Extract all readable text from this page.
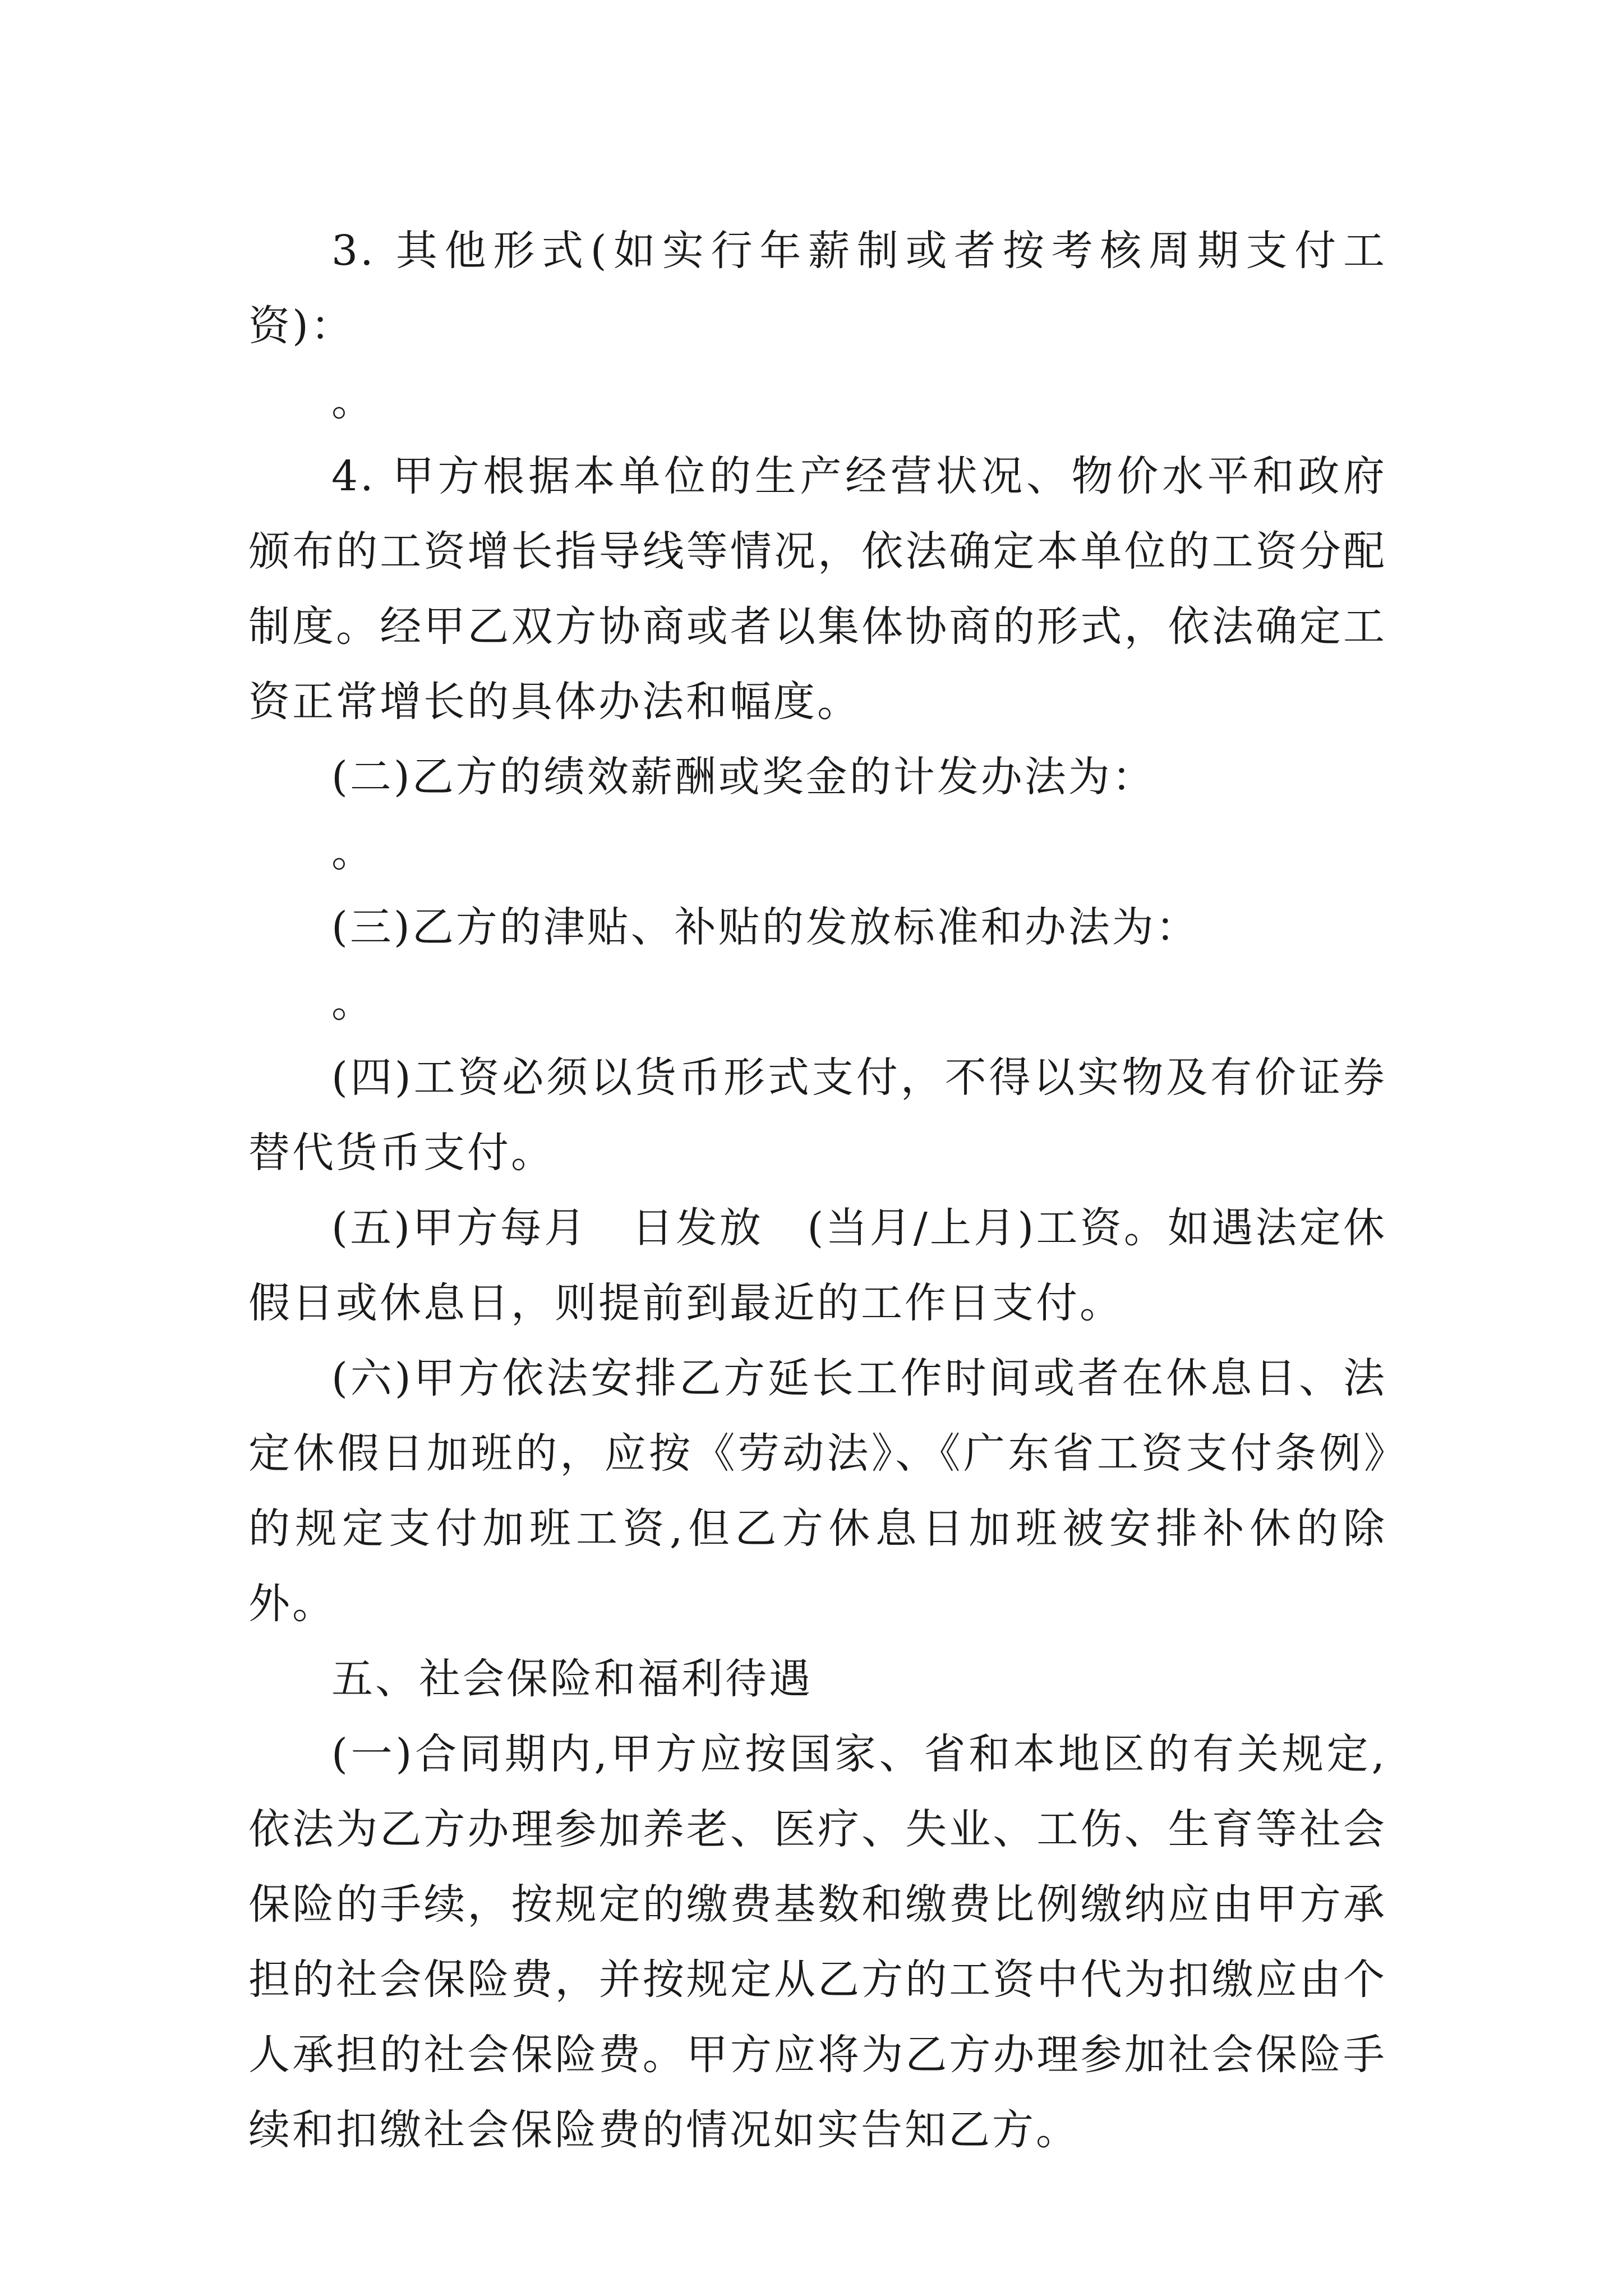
3. 其他形式(如实行年薪制或者按考核周期支付工资)：

。

4. 甲方根据本单位的生产经营状况、物价水平和政府颁布的工资增长指导线等情况，依法确定本单位的工资分配制度。经甲乙双方协商或者以集体协商的形式，依法确定工资正常增长的具体办法和幅度。

(二)乙方的绩效薪酬或奖金的计发办法为：

。

(三)乙方的津贴、补贴的发放标准和办法为：

。

(四)工资必须以货币形式支付，不得以实物及有价证券替代货币支付。

(五)甲方每月　日发放　(当月/上月)工资。如遇法定休假日或休息日，则提前到最近的工作日支付。

(六)甲方依法安排乙方延长工作时间或者在休息日、法定休假日加班的，应按《劳动法》、《广东省工资支付条例》的规定支付加班工资,但乙方休息日加班被安排补休的除外。

五、社会保险和福利待遇

(一)合同期内,甲方应按国家、省和本地区的有关规定,依法为乙方办理参加养老、医疗、失业、工伤、生育等社会保险的手续，按规定的缴费基数和缴费比例缴纳应由甲方承担的社会保险费，并按规定从乙方的工资中代为扣缴应由个人承担的社会保险费。甲方应将为乙方办理参加社会保险手续和扣缴社会保险费的情况如实告知乙方。
